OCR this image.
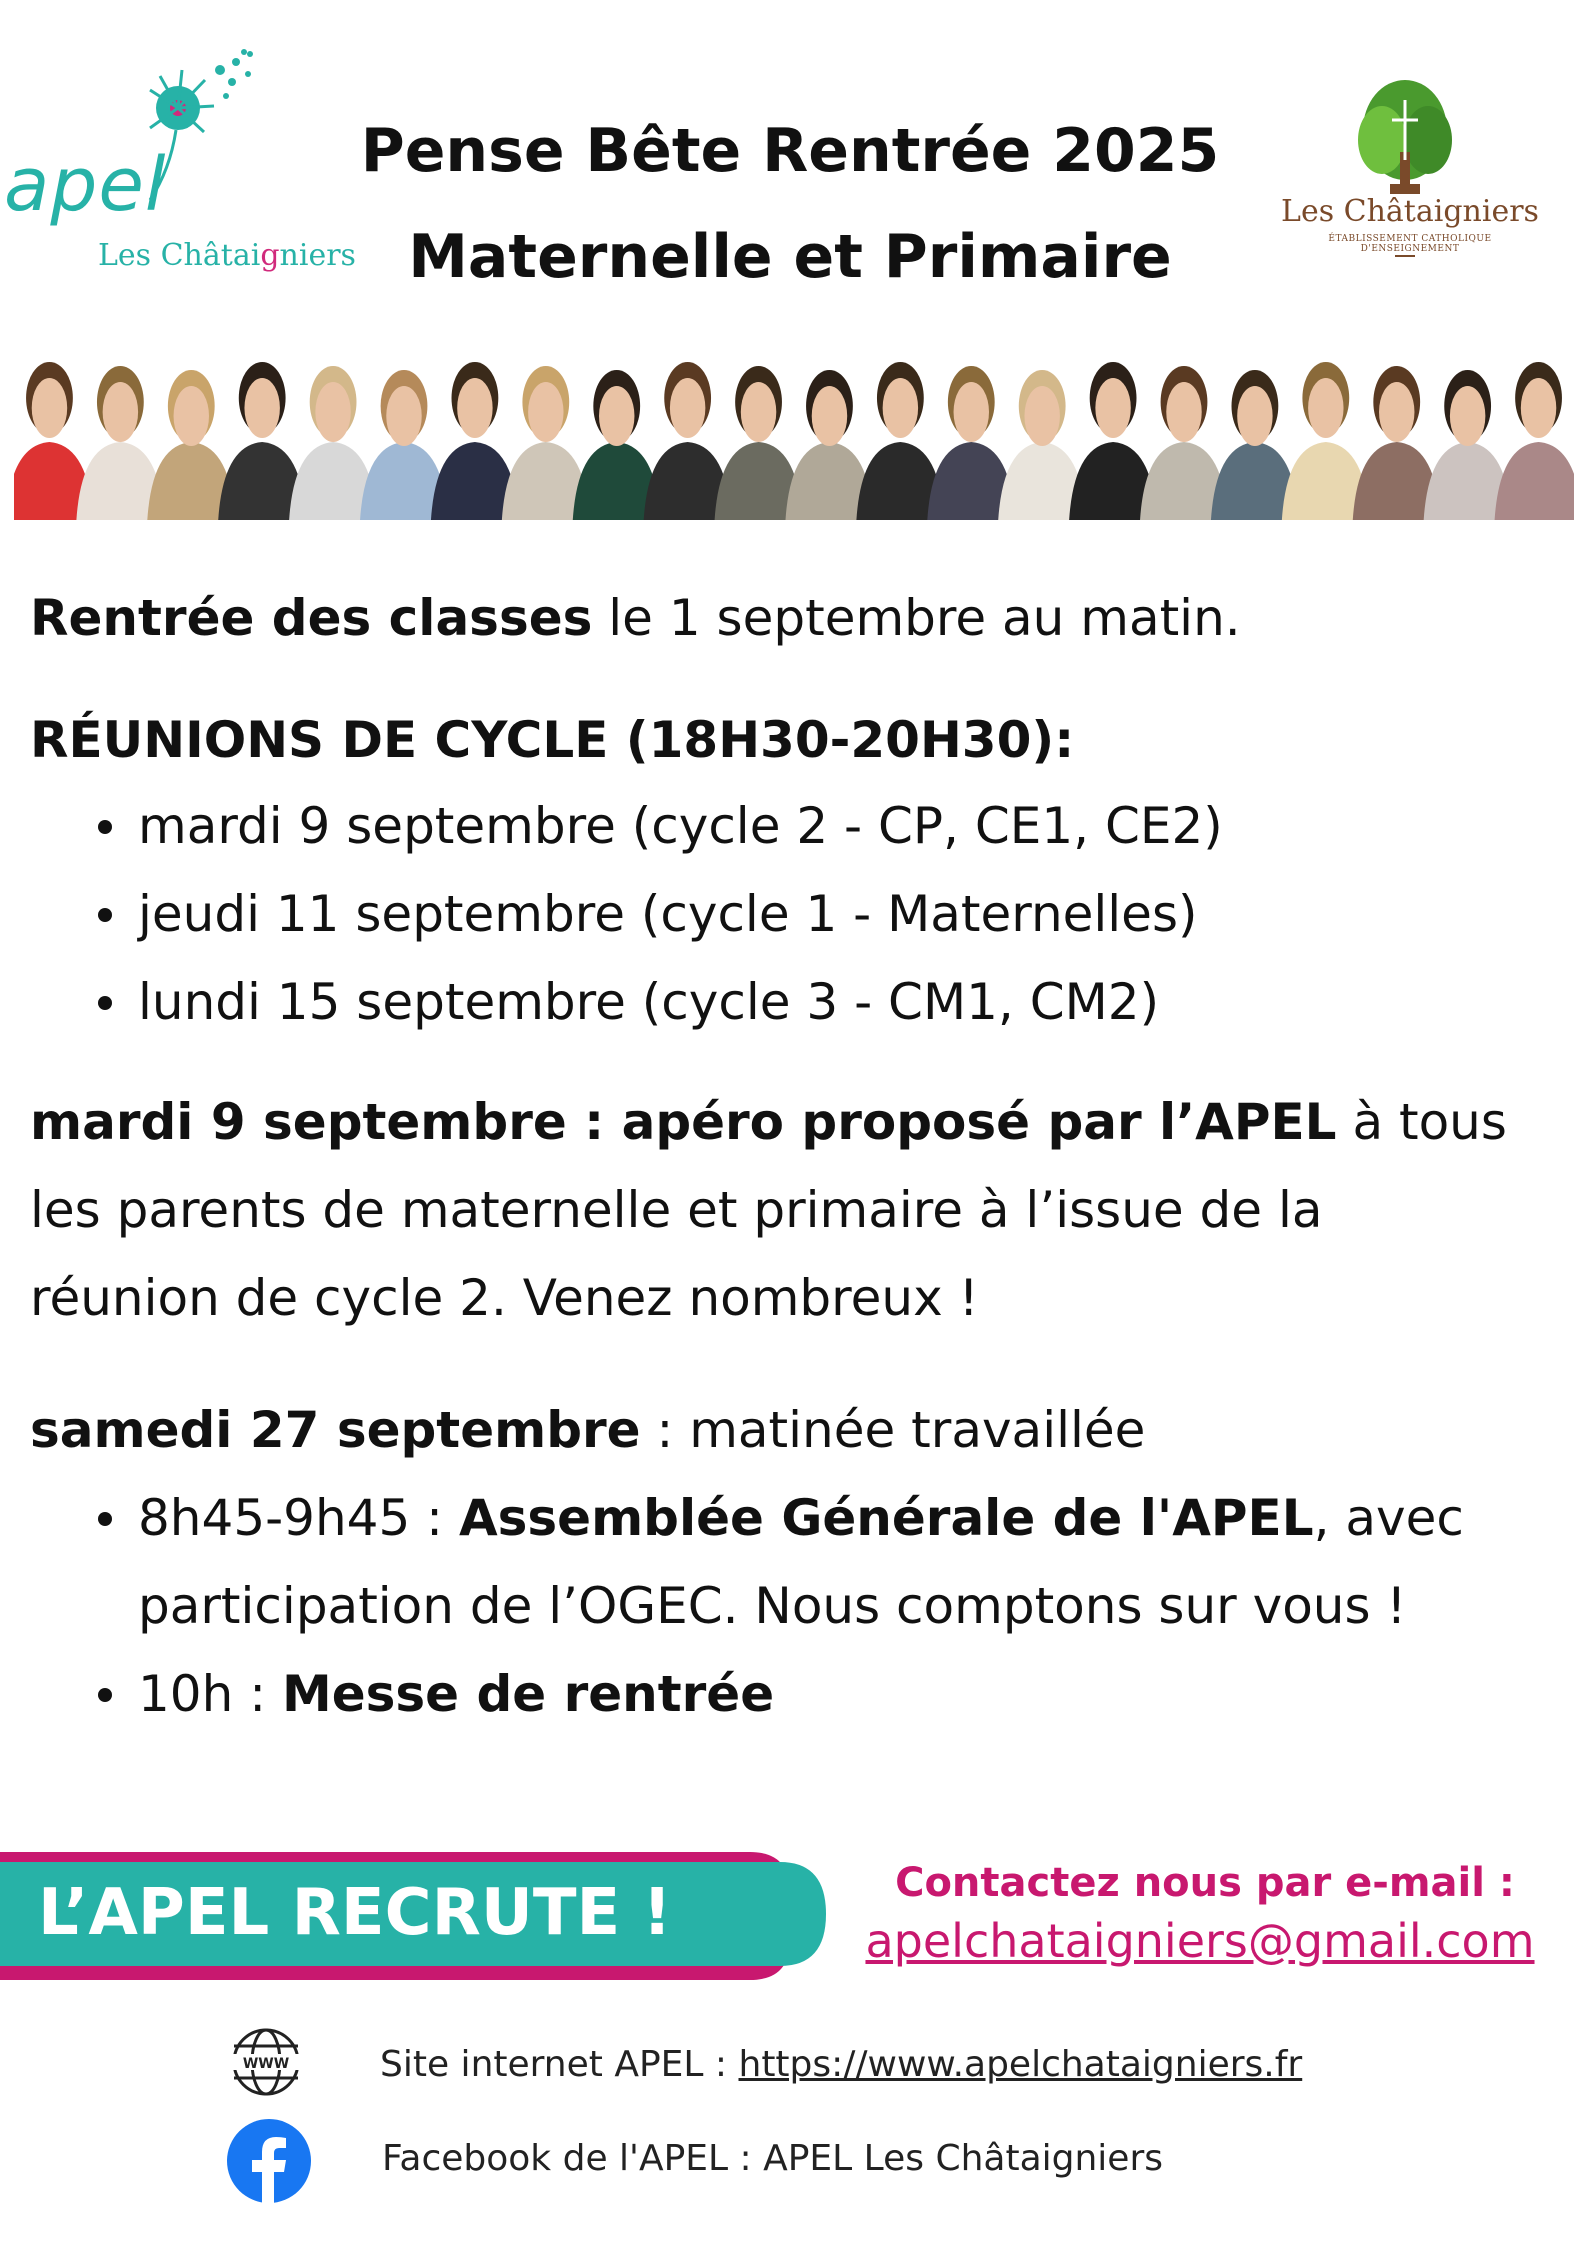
apel
Les Châtaigniers
Pense Bête Rentrée 2025
Maternelle et Primaire
Les Châtaigniers
ÉTABLISSEMENT CATHOLIQUE D'ENSEIGNEMENT
Rentrée des classes le 1 septembre au matin.
RÉUNIONS DE CYCLE (18H30-20H30):
mardi 9 septembre (cycle 2 - CP, CE1, CE2)
jeudi 11 septembre (cycle 1 - Maternelles)
lundi 15 septembre (cycle 3 - CM1, CM2)
mardi 9 septembre : apéro proposé par l’APEL à tous
les parents de maternelle et primaire à l’issue de la
réunion de cycle 2. Venez nombreux !
samedi 27 septembre : matinée travaillée
8h45-9h45 : Assemblée Générale de l'APEL, avec
participation de l’OGEC. Nous comptons sur vous !
10h : Messe de rentrée
L’APEL RECRUTE !	Contactez nous par e-mail :
apelchataigniers@gmail.com
WWW	Site internet APEL : https://www.apelchataigniers.fr
Facebook de l'APEL : APEL Les Châtaigniers
